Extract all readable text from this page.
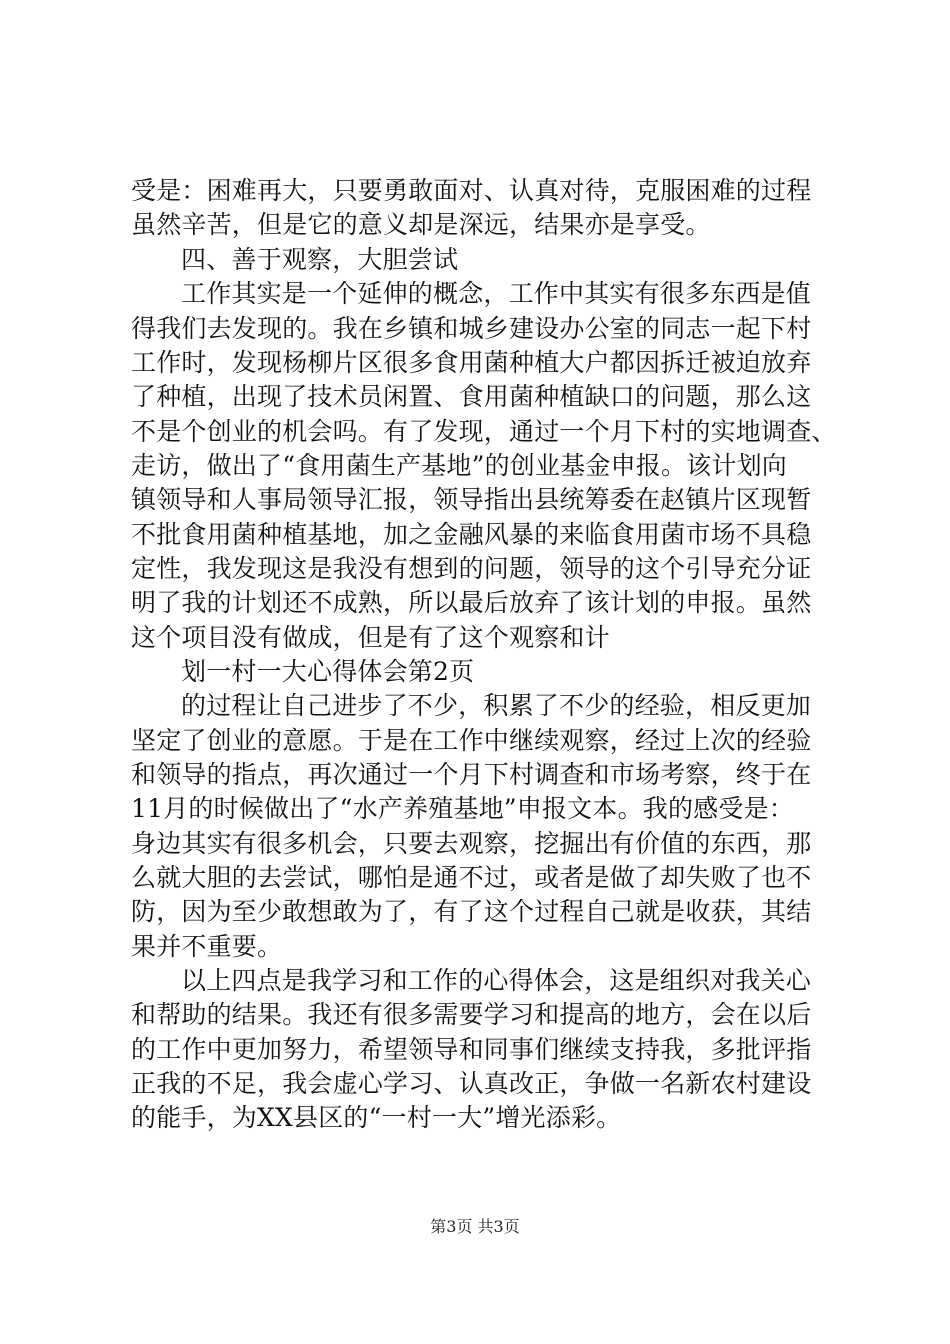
受是：困难再大，只要勇敢面对、认真对待，克服困难的过程
虽然辛苦，但是它的意义却是深远，结果亦是享受。
四、善于观察，大胆尝试
工作其实是一个延伸的概念，工作中其实有很多东西是值
得我们去发现的。我在乡镇和城乡建设办公室的同志一起下村
工作时，发现杨柳片区很多食用菌种植大户都因拆迁被迫放弃
了种植，出现了技术员闲置、食用菌种植缺口的问题，那么这
不是个创业的机会吗。有了发现，通过一个月下村的实地调查、
走访，做出了“食用菌生产基地”的创业基金申报。该计划向
镇领导和人事局领导汇报，领导指出县统筹委在赵镇片区现暂
不批食用菌种植基地，加之金融风暴的来临食用菌市场不具稳
定性，我发现这是我没有想到的问题，领导的这个引导充分证
明了我的计划还不成熟，所以最后放弃了该计划的申报。虽然
这个项目没有做成，但是有了这个观察和计
划一村一大心得体会第2页
的过程让自己进步了不少，积累了不少的经验，相反更加
坚定了创业的意愿。于是在工作中继续观察，经过上次的经验
和领导的指点，再次通过一个月下村调查和市场考察，终于在
11月的时候做出了“水产养殖基地”申报文本。我的感受是：
身边其实有很多机会，只要去观察，挖掘出有价值的东西，那
么就大胆的去尝试，哪怕是通不过，或者是做了却失败了也不
防，因为至少敢想敢为了，有了这个过程自己就是收获，其结
果并不重要。
以上四点是我学习和工作的心得体会，这是组织对我关心
和帮助的结果。我还有很多需要学习和提高的地方，会在以后
的工作中更加努力，希望领导和同事们继续支持我，多批评指
正我的不足，我会虚心学习、认真改正，争做一名新农村建设
的能手，为XX县区的“一村一大”增光添彩。
第3页 共3页
